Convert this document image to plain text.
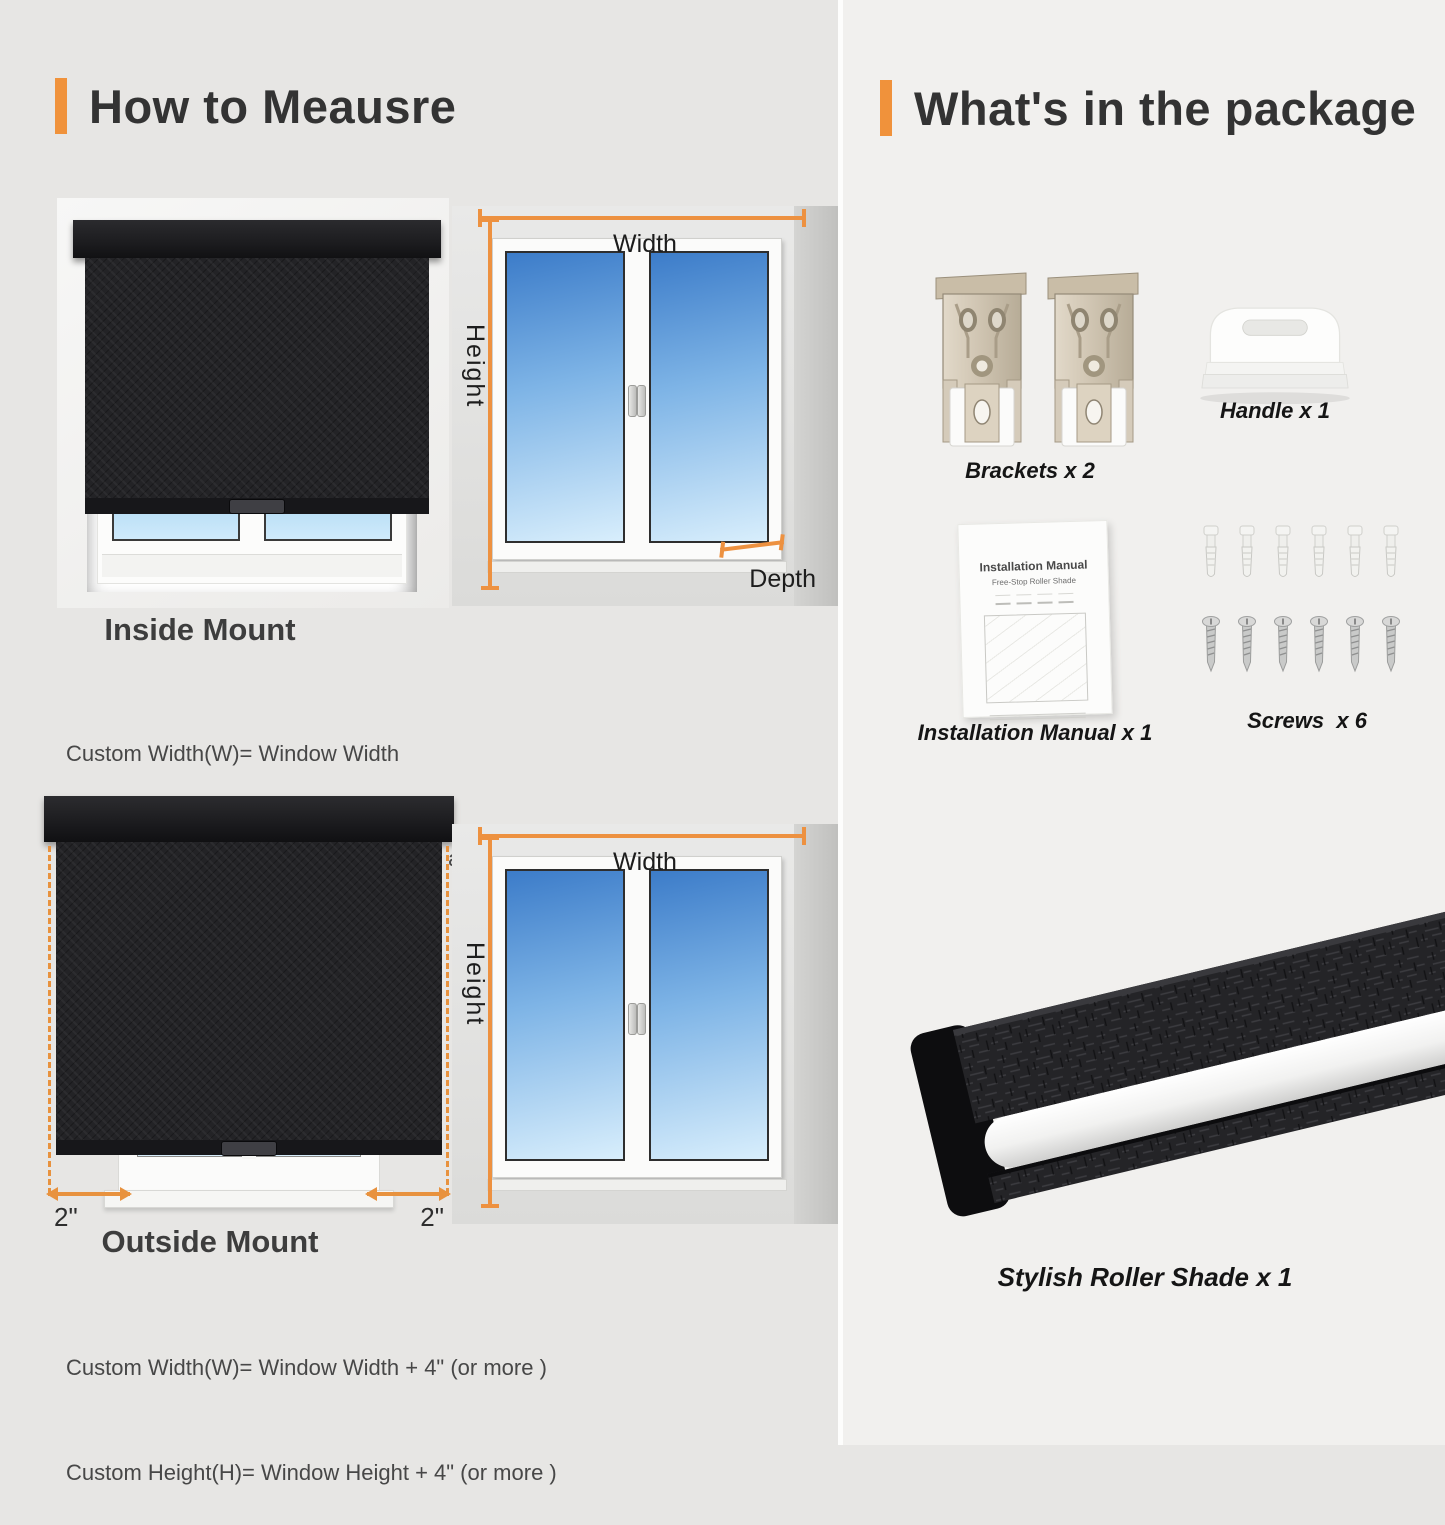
How to Meausre
Width
Height
Depth
Inside Mount

Custom Width(W)= Window Width

2"	2"
Width
Height
Outside Mount

Custom Width(W)= Window Width + 4" (or more )

Custom Height(H)= Window Height + 4" (or more )

What's in the package
Brackets x 2
Handle x 1
Installation Manual
Free-Stop Roller Shade
Installation Manual x 1	Screws  x 6
Stylish Roller Shade x 1
